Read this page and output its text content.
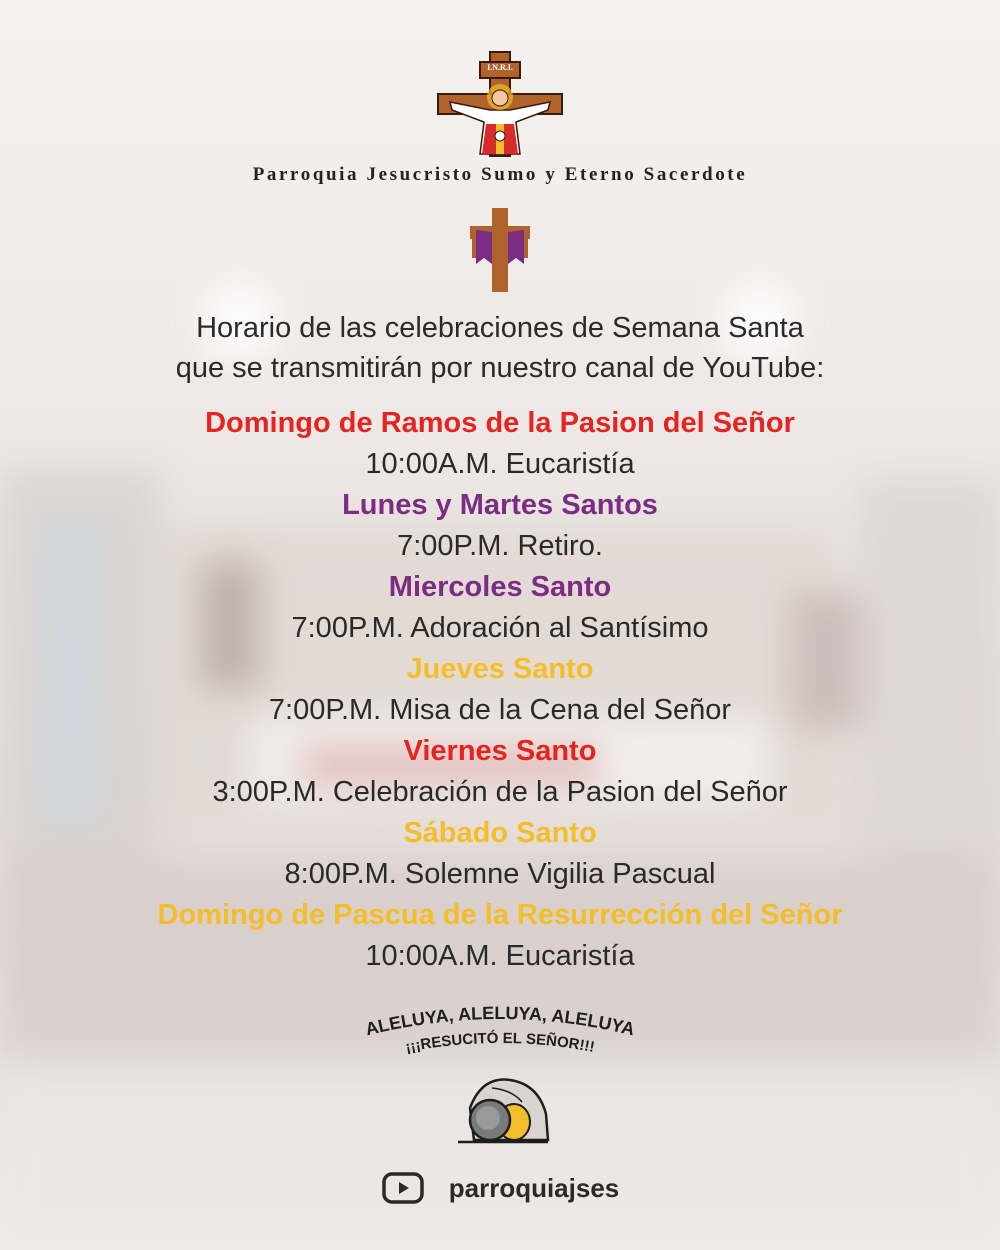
I.N.R.I.
Parroquia Jesucristo Sumo y Eterno Sacerdote
Horario de las celebraciones de Semana Santa
que se transmitirán por nuestro canal de YouTube:
Domingo de Ramos de la Pasion del Señor
10:00A.M. Eucaristía
Lunes y Martes Santos
7:00P.M. Retiro.
Miercoles Santo
7:00P.M. Adoración al Santísimo
Jueves Santo
7:00P.M. Misa de la Cena del Señor
Viernes Santo
3:00P.M. Celebración de la Pasion del Señor
Sábado Santo
8:00P.M. Solemne Vigilia Pascual
Domingo de Pascua de la Resurrección del Señor
10:00A.M. Eucaristía
ALELUYA, ALELUYA, ALELUYA
¡¡¡RESUCITÓ EL SEÑOR!!!
parroquiajses
